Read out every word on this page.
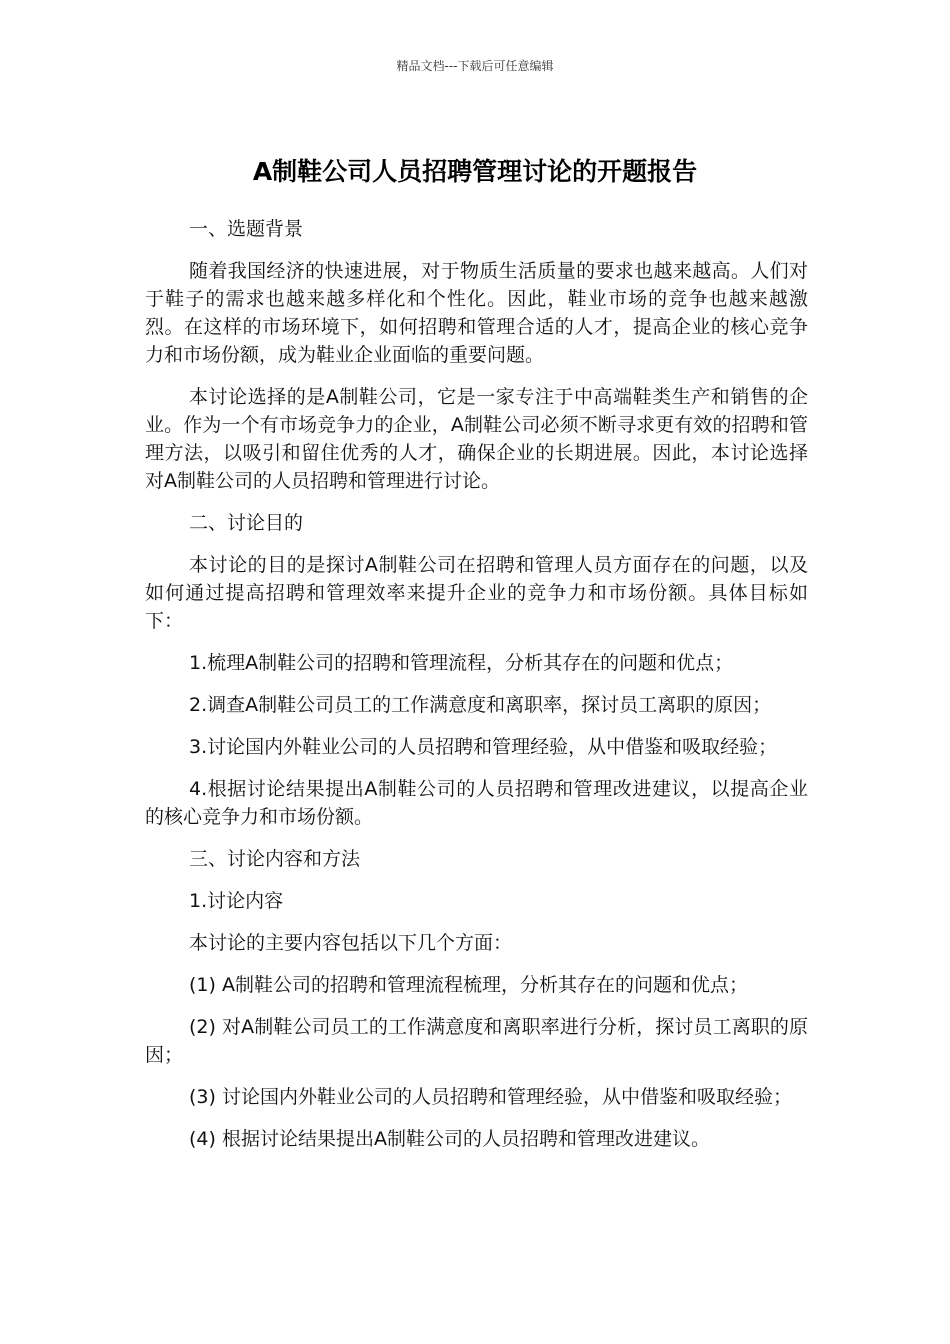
精品文档---下载后可任意编辑
A制鞋公司人员招聘管理讨论的开题报告

一、选题背景

随着我国经济的快速进展，对于物质生活质量的要求也越来越高。人们对于鞋子的需求也越来越多样化和个性化。因此，鞋业市场的竞争也越来越激烈。在这样的市场环境下，如何招聘和管理合适的人才，提高企业的核心竞争力和市场份额，成为鞋业企业面临的重要问题。

本讨论选择的是A制鞋公司，它是一家专注于中高端鞋类生产和销售的企业。作为一个有市场竞争力的企业，A制鞋公司必须不断寻求更有效的招聘和管理方法，以吸引和留住优秀的人才，确保企业的长期进展。因此，本讨论选择对A制鞋公司的人员招聘和管理进行讨论。

二、讨论目的

本讨论的目的是探讨A制鞋公司在招聘和管理人员方面存在的问题，以及如何通过提高招聘和管理效率来提升企业的竞争力和市场份额。具体目标如下：

1.梳理A制鞋公司的招聘和管理流程，分析其存在的问题和优点；

2.调查A制鞋公司员工的工作满意度和离职率，探讨员工离职的原因；

3.讨论国内外鞋业公司的人员招聘和管理经验，从中借鉴和吸取经验；

4.根据讨论结果提出A制鞋公司的人员招聘和管理改进建议，以提高企业的核心竞争力和市场份额。

三、讨论内容和方法

1.讨论内容

本讨论的主要内容包括以下几个方面：

(1) A制鞋公司的招聘和管理流程梳理，分析其存在的问题和优点；

(2) 对A制鞋公司员工的工作满意度和离职率进行分析，探讨员工离职的原因；

(3) 讨论国内外鞋业公司的人员招聘和管理经验，从中借鉴和吸取经验；

(4) 根据讨论结果提出A制鞋公司的人员招聘和管理改进建议。
